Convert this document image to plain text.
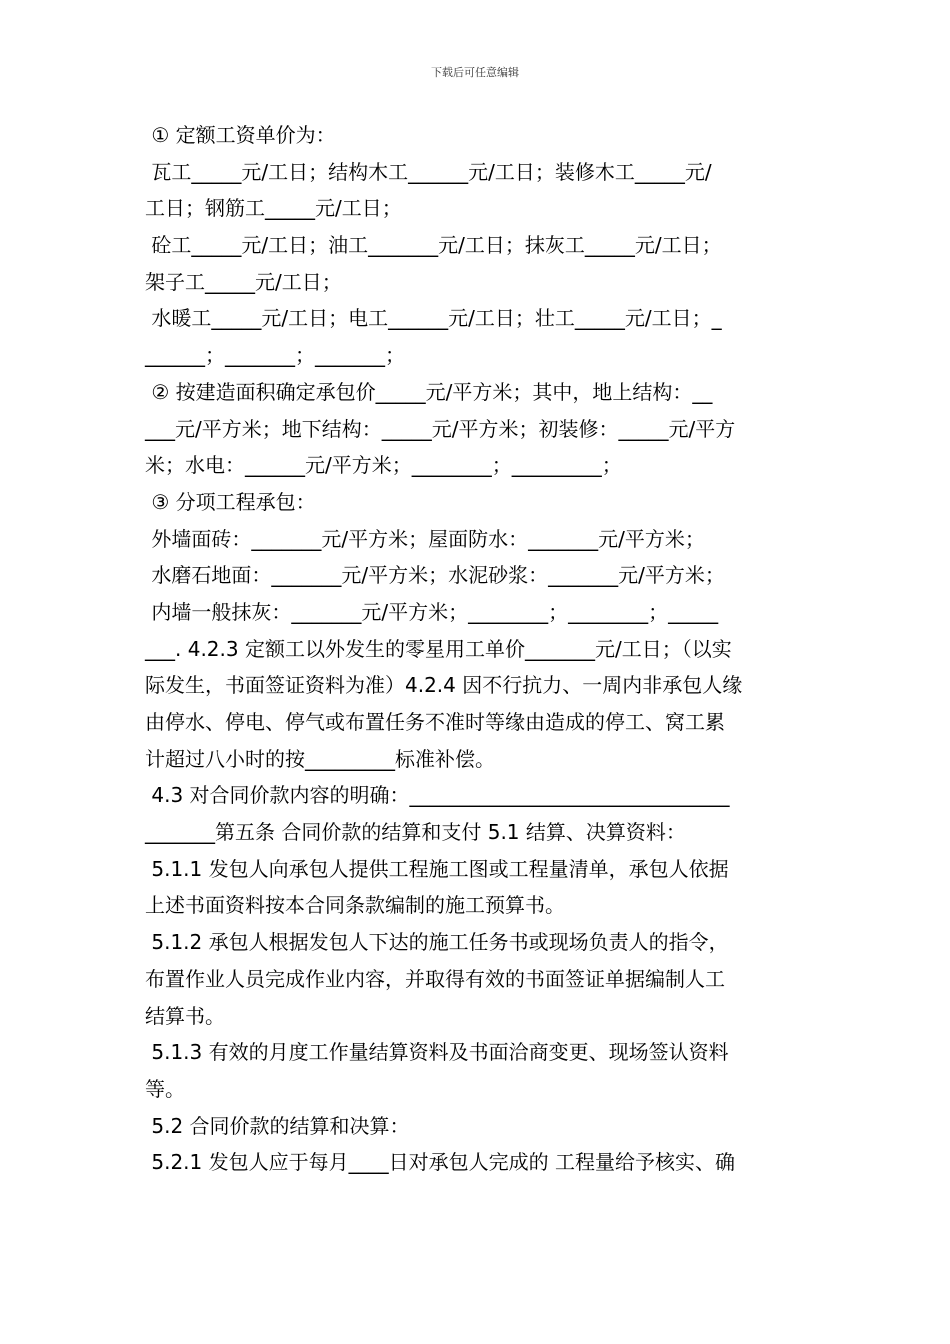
下载后可任意编辑
① 定额工资单价为：
瓦工_____元/工日；结构木工______元/工日；装修木工_____元/
工日；钢筋工_____元/工日；
砼工_____元/工日；油工_______元/工日；抹灰工_____元/工日；
架子工_____元/工日；
水暖工_____元/工日；电工______元/工日；壮工_____元/工日；_
______；_______；_______；
② 按建造面积确定承包价_____元/平方米；其中，地上结构：__
___元/平方米；地下结构：_____元/平方米；初装修：_____元/平方
米；水电：______元/平方米；________；_________；
③ 分项工程承包：
外墙面砖：_______元/平方米；屋面防水：_______元/平方米；
水磨石地面：_______元/平方米；水泥砂浆：_______元/平方米；
内墙一般抹灰：_______元/平方米；________；________；_____
___. 4.2.3 定额工以外发生的零星用工单价_______元/工日；（以实
际发生，书面签证资料为准）4.2.4 因不行抗力、一周内非承包人缘
由停水、停电、停气或布置任务不准时等缘由造成的停工、窝工累
计超过八小时的按_________标准补偿。
4.3 对合同价款内容的明确：________________________________
_______第五条 合同价款的结算和支付 5.1 结算、决算资料：
5.1.1 发包人向承包人提供工程施工图或工程量清单，承包人依据
上述书面资料按本合同条款编制的施工预算书。
5.1.2 承包人根据发包人下达的施工任务书或现场负责人的指令，
布置作业人员完成作业内容，并取得有效的书面签证单据编制人工
结算书。
5.1.3 有效的月度工作量结算资料及书面洽商变更、现场签认资料
等。
5.2 合同价款的结算和决算：
5.2.1 发包人应于每月____日对承包人完成的 工程量给予核实、确
